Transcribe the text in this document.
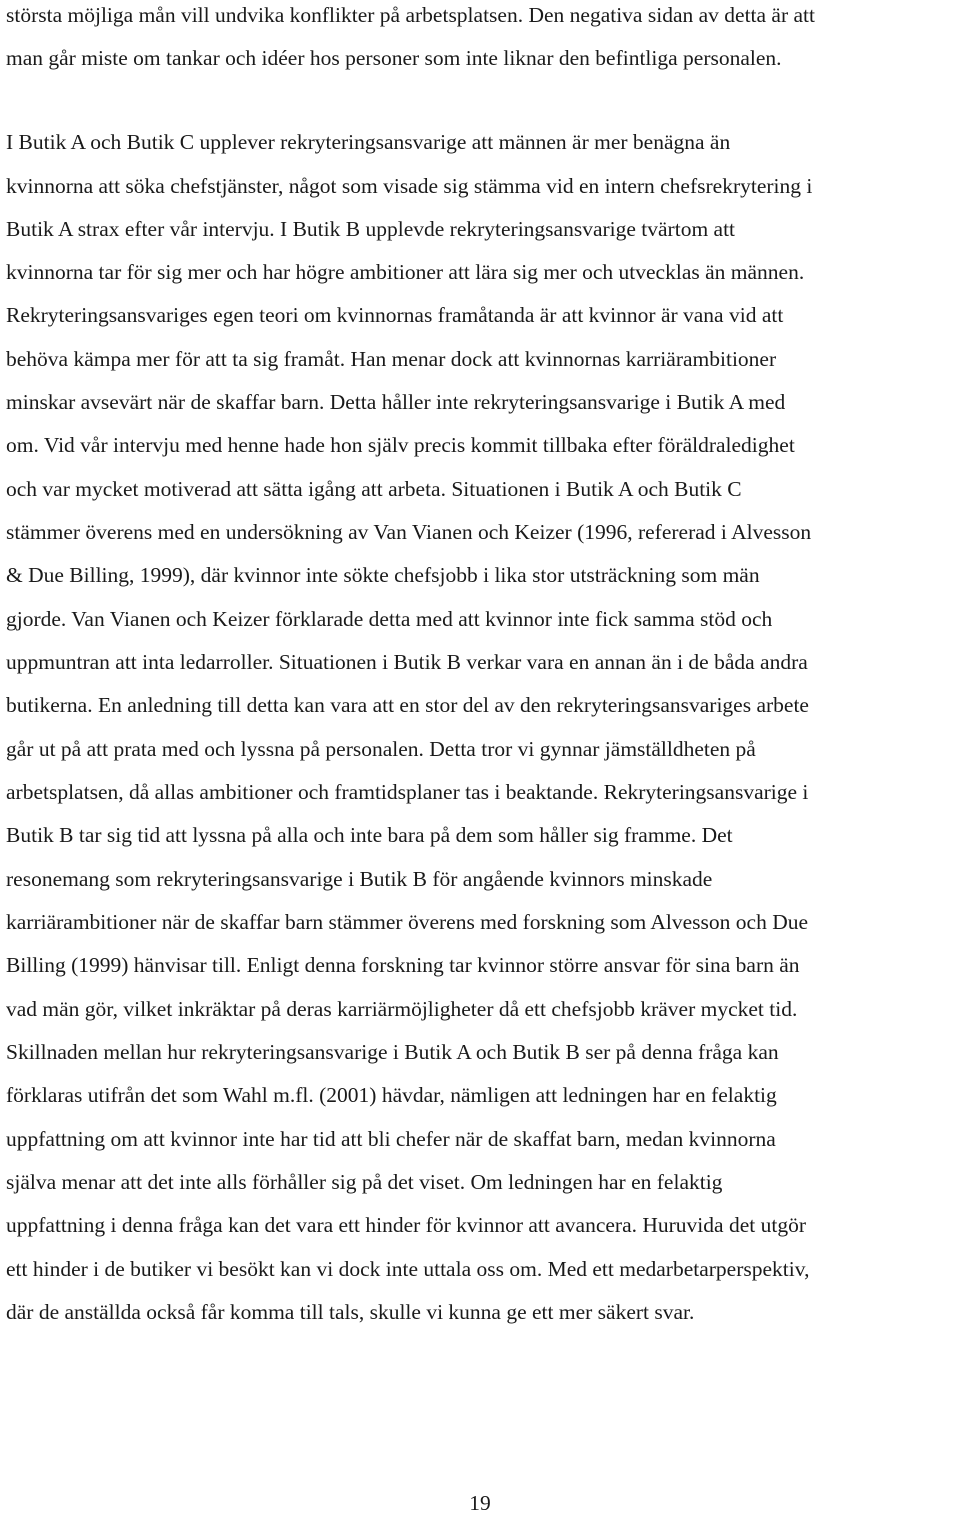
största möjliga mån vill undvika konflikter på arbetsplatsen. Den negativa sidan av detta är att

man går miste om tankar och idéer hos personer som inte liknar den befintliga personalen.

I Butik A och Butik C upplever rekryteringsansvarige att männen är mer benägna än

kvinnorna att söka chefstjänster, något som visade sig stämma vid en intern chefsrekrytering i

Butik A strax efter vår intervju. I Butik B upplevde rekryteringsansvarige tvärtom att

kvinnorna tar för sig mer och har högre ambitioner att lära sig mer och utvecklas än männen.

Rekryteringsansvariges egen teori om kvinnornas framåtanda är att kvinnor är vana vid att

behöva kämpa mer för att ta sig framåt. Han menar dock att kvinnornas karriärambitioner

minskar avsevärt när de skaffar barn. Detta håller inte rekryteringsansvarige i Butik A med

om. Vid vår intervju med henne hade hon själv precis kommit tillbaka efter föräldraledighet

och var mycket motiverad att sätta igång att arbeta. Situationen i Butik A och Butik C

stämmer överens med en undersökning av Van Vianen och Keizer (1996, refererad i Alvesson

& Due Billing, 1999), där kvinnor inte sökte chefsjobb i lika stor utsträckning som män

gjorde. Van Vianen och Keizer förklarade detta med att kvinnor inte fick samma stöd och

uppmuntran att inta ledarroller. Situationen i Butik B verkar vara en annan än i de båda andra

butikerna. En anledning till detta kan vara att en stor del av den rekryteringsansvariges arbete

går ut på att prata med och lyssna på personalen. Detta tror vi gynnar jämställdheten på

arbetsplatsen, då allas ambitioner och framtidsplaner tas i beaktande. Rekryteringsansvarige i

Butik B tar sig tid att lyssna på alla och inte bara på dem som håller sig framme. Det

resonemang som rekryteringsansvarige i Butik B för angående kvinnors minskade

karriärambitioner när de skaffar barn stämmer överens med forskning som Alvesson och Due

Billing (1999) hänvisar till. Enligt denna forskning tar kvinnor större ansvar för sina barn än

vad män gör, vilket inkräktar på deras karriärmöjligheter då ett chefsjobb kräver mycket tid.

Skillnaden mellan hur rekryteringsansvarige i Butik A och Butik B ser på denna fråga kan

förklaras utifrån det som Wahl m.fl. (2001) hävdar, nämligen att ledningen har en felaktig

uppfattning om att kvinnor inte har tid att bli chefer när de skaffat barn, medan kvinnorna

själva menar att det inte alls förhåller sig på det viset. Om ledningen har en felaktig

uppfattning i denna fråga kan det vara ett hinder för kvinnor att avancera. Huruvida det utgör

ett hinder i de butiker vi besökt kan vi dock inte uttala oss om. Med ett medarbetarperspektiv,

där de anställda också får komma till tals, skulle vi kunna ge ett mer säkert svar.

19
